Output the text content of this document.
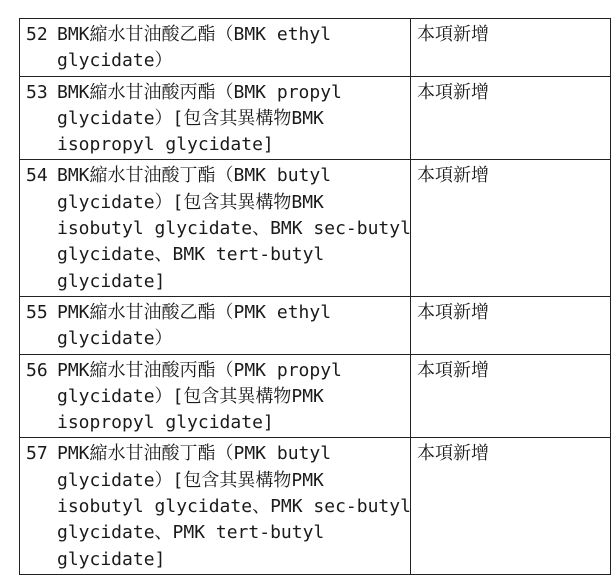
52 BMK縮水甘油酸乙酯（BMK ethyl
glycidate）	本項新增

53 BMK縮水甘油酸丙酯（BMK propyl
glycidate）[包含其異構物BMK
isopropyl glycidate]	本項新增

54 BMK縮水甘油酸丁酯（BMK butyl
glycidate）[包含其異構物BMK
isobutyl glycidate、BMK sec-butyl
glycidate、BMK tert-butyl
glycidate]	本項新增

55 PMK縮水甘油酸乙酯（PMK ethyl
glycidate）	本項新增

56 PMK縮水甘油酸丙酯（PMK propyl
glycidate）[包含其異構物PMK
isopropyl glycidate]	本項新增

57 PMK縮水甘油酸丁酯（PMK butyl
glycidate）[包含其異構物PMK
isobutyl glycidate、PMK sec-butyl
glycidate、PMK tert-butyl
glycidate]	本項新增
